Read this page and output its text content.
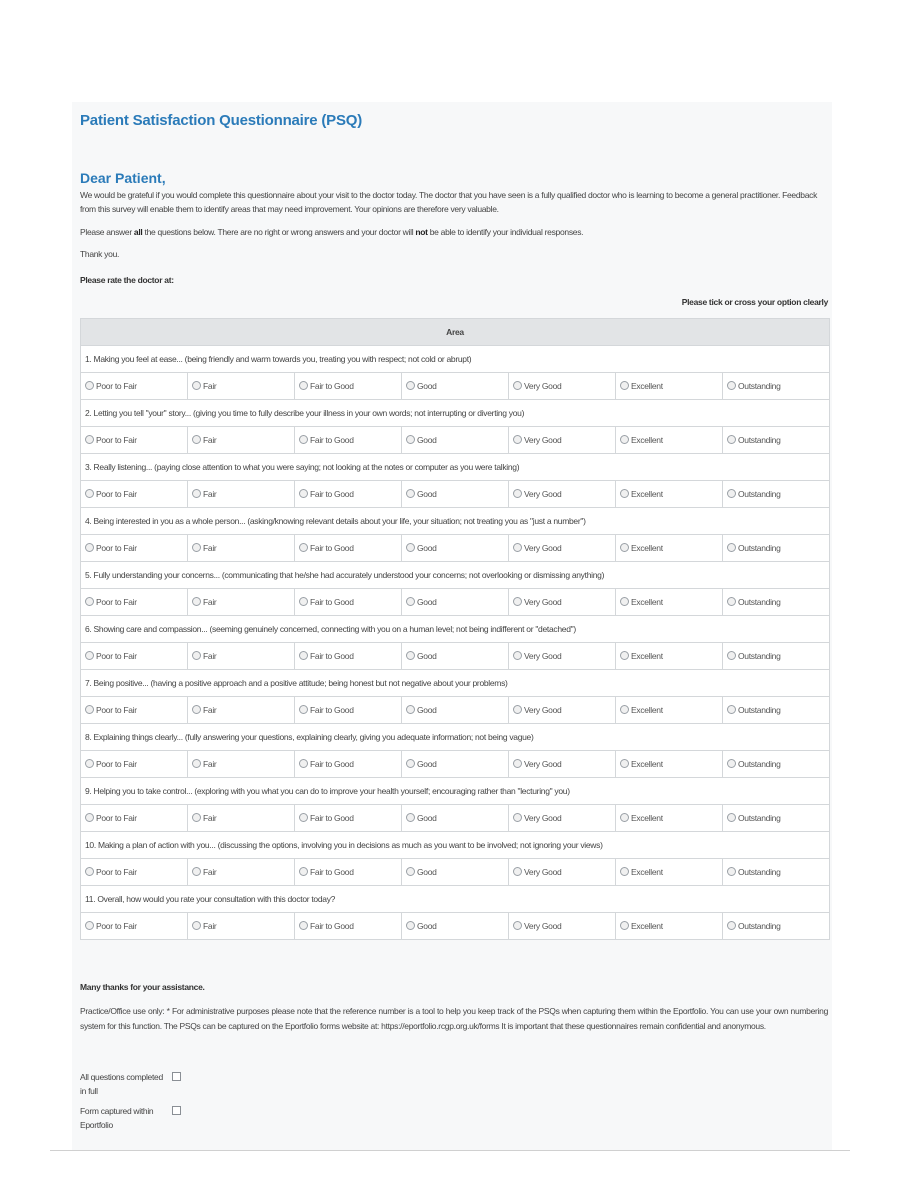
Patient Satisfaction Questionnaire (PSQ)
Dear Patient,
We would be grateful if you would complete this questionnaire about your visit to the doctor today. The doctor that you have seen is a fully qualified doctor who is learning to become a general practitioner. Feedback from this survey will enable them to identify areas that may need improvement. Your opinions are therefore very valuable.
Please answer all the questions below. There are no right or wrong answers and your doctor will not be able to identify your individual responses.
Thank you.
Please rate the doctor at:
Please tick or cross your option clearly
Area						
1. Making you feel at ease... (being friendly and warm towards you, treating you with respect; not cold or abrupt)						
Poor to Fair	Fair	Fair to Good	Good	Very Good	Excellent	Outstanding
2. Letting you tell "your" story... (giving you time to fully describe your illness in your own words; not interrupting or diverting you)						
Poor to Fair	Fair	Fair to Good	Good	Very Good	Excellent	Outstanding
3. Really listening... (paying close attention to what you were saying; not looking at the notes or computer as you were talking)						
Poor to Fair	Fair	Fair to Good	Good	Very Good	Excellent	Outstanding
4. Being interested in you as a whole person... (asking/knowing relevant details about your life, your situation; not treating you as "just a number")						
Poor to Fair	Fair	Fair to Good	Good	Very Good	Excellent	Outstanding
5. Fully understanding your concerns... (communicating that he/she had accurately understood your concerns; not overlooking or dismissing anything)						
Poor to Fair	Fair	Fair to Good	Good	Very Good	Excellent	Outstanding
6. Showing care and compassion... (seeming genuinely concerned, connecting with you on a human level; not being indifferent or "detached")						
Poor to Fair	Fair	Fair to Good	Good	Very Good	Excellent	Outstanding
7. Being positive... (having a positive approach and a positive attitude; being honest but not negative about your problems)						
Poor to Fair	Fair	Fair to Good	Good	Very Good	Excellent	Outstanding
8. Explaining things clearly... (fully answering your questions, explaining clearly, giving you adequate information; not being vague)						
Poor to Fair	Fair	Fair to Good	Good	Very Good	Excellent	Outstanding
9. Helping you to take control... (exploring with you what you can do to improve your health yourself; encouraging rather than "lecturing" you)						
Poor to Fair	Fair	Fair to Good	Good	Very Good	Excellent	Outstanding
10. Making a plan of action with you... (discussing the options, involving you in decisions as much as you want to be involved; not ignoring your views)						
Poor to Fair	Fair	Fair to Good	Good	Very Good	Excellent	Outstanding
11. Overall, how would you rate your consultation with this doctor today?						
Poor to Fair	Fair	Fair to Good	Good	Very Good	Excellent	Outstanding
Many thanks for your assistance.
Practice/Office use only: * For administrative purposes please note that the reference number is a tool to help you keep track of the PSQs when capturing them within the Eportfolio. You can use your own numbering system for this function. The PSQs can be captured on the Eportfolio forms website at: https://eportfolio.rcgp.org.uk/forms It is important that these questionnaires remain confidential and anonymous.
All questions completed
in full
Form captured within
Eportfolio
